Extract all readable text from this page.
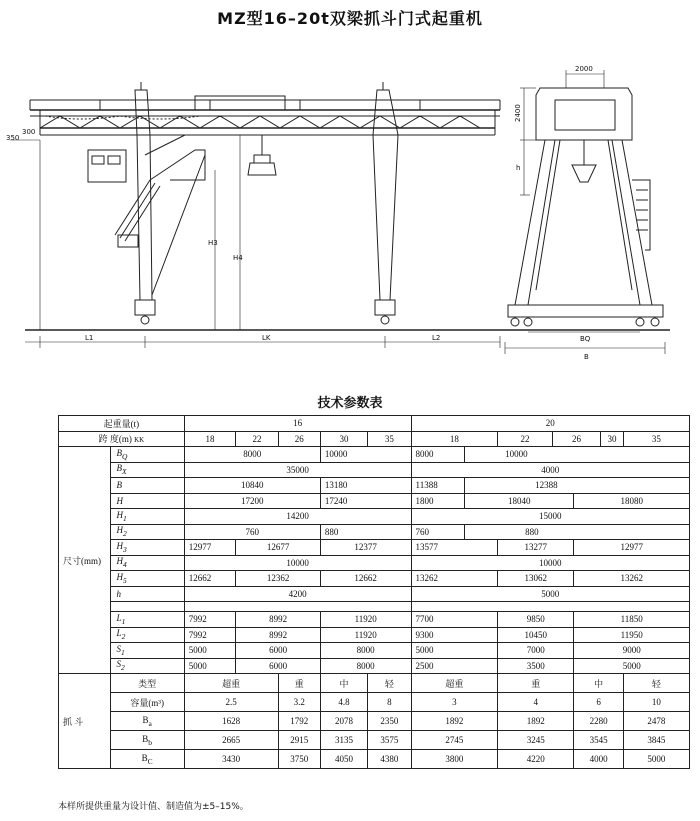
MZ型16–20t双梁抓斗门式起重机
350
300
H3
H4
L1	LK	L2
2000
2400
h
BQ
B
技术参数表
起重量(t)		16					20						
跨 度(m) KK		18	22	26	30	35	18		22	26		30	35
尺寸(mm)	$B_Q$	8000			10000		8000	10000					
	$B_X$	35000					4000						
	B	10840			13180		11388	12388					
	H	17200			17240		1800	18040			18080		
	$H_1$	14200					15000						
	$H_2$	760			880		760	880					
	$H_3$	12977	12677		12377		13577		13277		12977		
	$H_4$	10000					10000						
	$H_5$	12662	12362		12662		13262		13062		13262		
	h	4200					5000						

	$L_1$	7992	8992		11920		7700		9850		11850		
	$L_2$	7992	8992		11920		9300		10450		11950		
	$S_1$	5000	6000		8000		5000		7000		9000		
	$S_2$	5000	6000		8000		2500		3500		5000		
抓 斗	类型	超重		重	中	轻	超重		重		中		轻
	容量(m³)	2.5		3.2	4.8	8	3		4		6		10
	$B_a$	1628		1792	2078	2350	1892		1892		2280		2478
	$B_b$	2665		2915	3135	3575	2745		3245		3545		3845
	$B_C$	3430		3750	4050	4380	3800		4220		4000		5000
本样所提供重量为设计值、制造值为±5–15%。
